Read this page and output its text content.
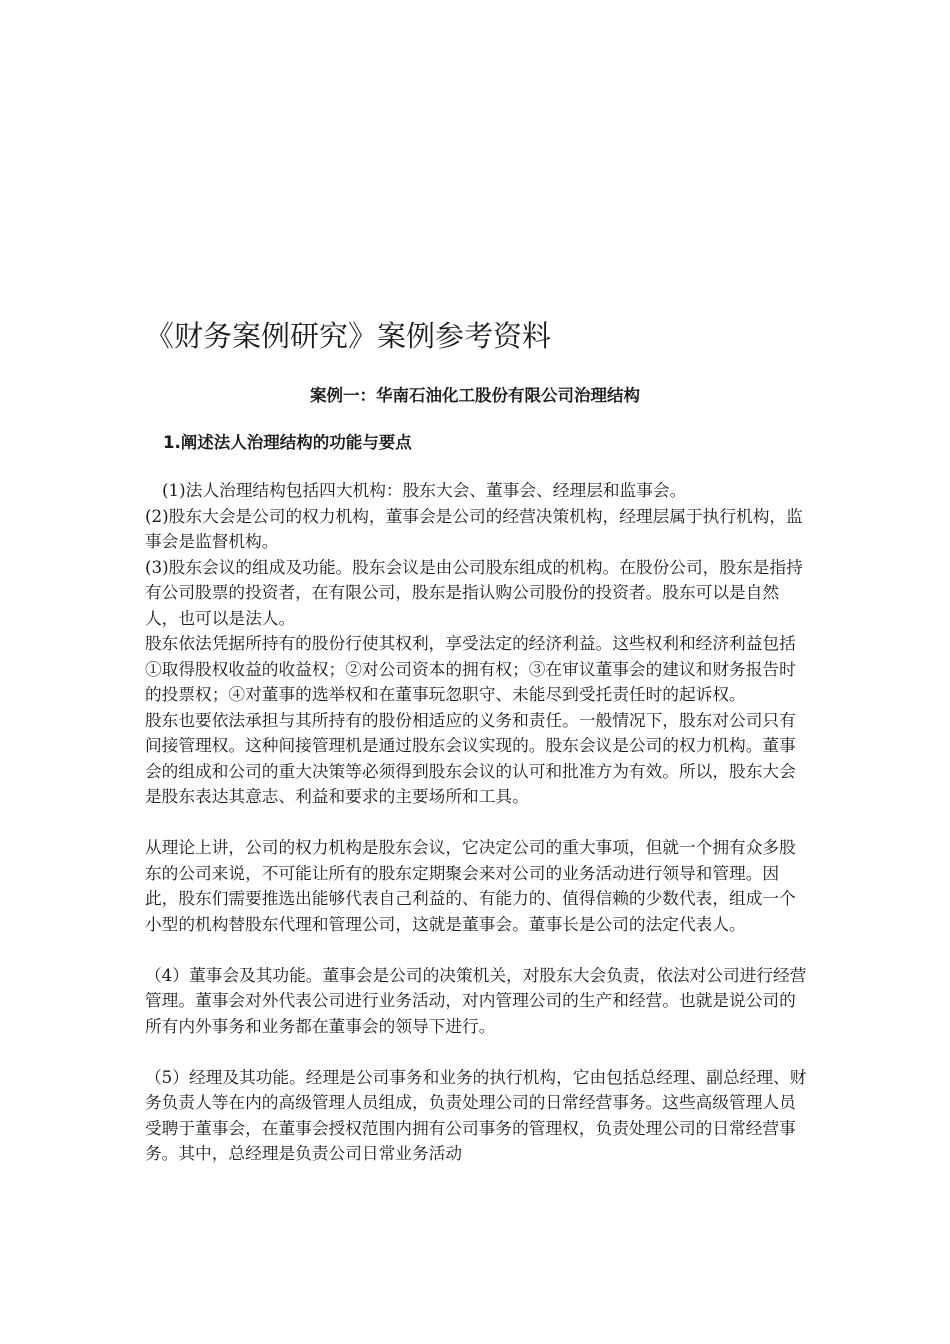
《财务案例研究》案例参考资料
案例一：华南石油化工股份有限公司治理结构
1.阐述法人治理结构的功能与要点

(1)法人治理结构包括四大机构：股东大会、董事会、经理层和监事会。

(2)股东大会是公司的权力机构，董事会是公司的经营决策机构，经理层属于执行机构，监事会是监督机构。

(3)股东会议的组成及功能。股东会议是由公司股东组成的机构。在股份公司，股东是指持有公司股票的投资者，在有限公司，股东是指认购公司股份的投资者。股东可以是自然人，也可以是法人。

股东依法凭据所持有的股份行使其权利，享受法定的经济利益。这些权利和经济利益包括①取得股权收益的收益权；②对公司资本的拥有权；③在审议董事会的建议和财务报告时的投票权；④对董事的选举权和在董事玩忽职守、未能尽到受托责任时的起诉权。

股东也要依法承担与其所持有的股份相适应的义务和责任。一般情况下，股东对公司只有间接管理权。这种间接管理机是通过股东会议实现的。股东会议是公司的权力机构。董事会的组成和公司的重大决策等必须得到股东会议的认可和批准方为有效。所以，股东大会是股东表达其意志、利益和要求的主要场所和工具。

从理论上讲，公司的权力机构是股东会议，它决定公司的重大事项，但就一个拥有众多股东的公司来说，不可能让所有的股东定期聚会来对公司的业务活动进行领导和管理。因此，股东们需要推选出能够代表自己利益的、有能力的、值得信赖的少数代表，组成一个小型的机构替股东代理和管理公司，这就是董事会。董事长是公司的法定代表人。

（4）董事会及其功能。董事会是公司的决策机关，对股东大会负责，依法对公司进行经营管理。董事会对外代表公司进行业务活动，对内管理公司的生产和经营。也就是说公司的所有内外事务和业务都在董事会的领导下进行。

（5）经理及其功能。经理是公司事务和业务的执行机构，它由包括总经理、副总经理、财务负责人等在内的高级管理人员组成，负责处理公司的日常经营事务。这些高级管理人员受聘于董事会，在董事会授权范围内拥有公司事务的管理权，负责处理公司的日常经营事务。其中，总经理是负责公司日常业务活动
